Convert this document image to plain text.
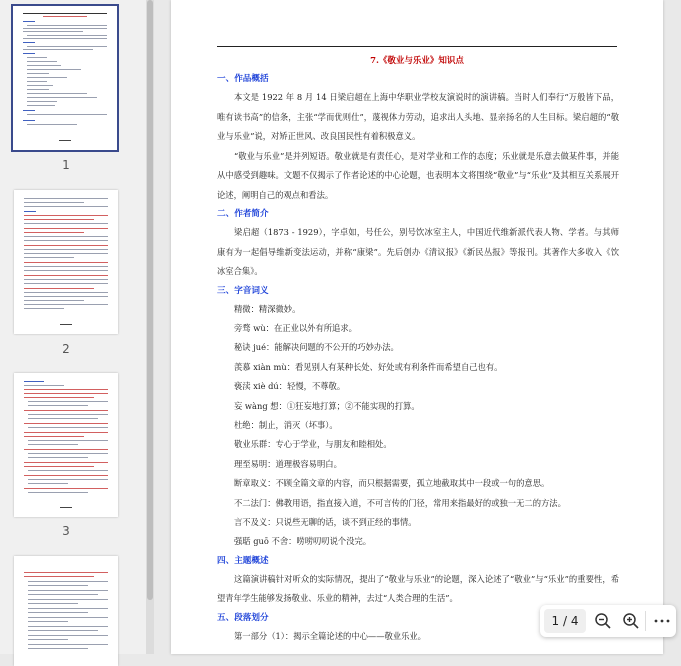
1
2
3
7.《敬业与乐业》知识点

一、作品概括

本文是 1922 年 8 月 14 日梁启超在上海中华职业学校友演说时的演讲稿。当时人们奉行“万般皆下品，唯有读书高”的信条，主张“学而优则仕”，蔑视体力劳动，追求出人头地、显亲扬名的人生目标。梁启超的“敬业与乐业”说，对矫正世风、改良国民性有着积极意义。

“敬业与乐业”是并列短语。敬业就是有责任心，是对学业和工作的态度；乐业就是乐意去做某件事，并能从中感受到趣味。文题不仅揭示了作者论述的中心论题，也表明本文将围绕“敬业”与“乐业”及其相互关系展开论述，阐明自己的观点和看法。

二、作者简介

梁启超（1873 - 1929），字卓如，号任公，别号饮冰室主人，中国近代维新派代表人物、学者。与其师康有为一起倡导维新变法运动，并称“康梁”。先后创办《清议报》《新民丛报》等报刊。其著作大多收入《饮冰室合集》。

三、字音词义

精微：精深微妙。

旁骛 wù：在正业以外有所追求。

秘诀 jué：能解决问题的不公开的巧妙办法。

羡慕 xiàn mù：看见别人有某种长处、好处或有利条件而希望自己也有。

亵渎 xiè dú：轻慢，不尊敬。

妄 wàng 想：①狂妄地打算；②不能实现的打算。

杜绝：制止，消灭（坏事）。

敬业乐群：专心于学业，与朋友和睦相处。

理至易明：道理极容易明白。

断章取义：不顾全篇文章的内容，而只根据需要，孤立地截取其中一段或一句的意思。

不二法门：佛教用语，指直接入道，不可言传的门径，常用来指最好的或独一无二的方法。

言不及义：只说些无聊的话，谈不到正经的事情。

强聒 guō 不舍：唠唠叨叨说个没完。

四、主题概述

这篇演讲稿针对听众的实际情况，提出了“敬业与乐业”的论题，深入论述了“敬业”与“乐业”的重要性，希望青年学生能够发扬敬业、乐业的精神，去过“人类合理的生活”。

五、段落划分

第一部分（1）：揭示全篇论述的中心——敬业乐业。

1 / 4
